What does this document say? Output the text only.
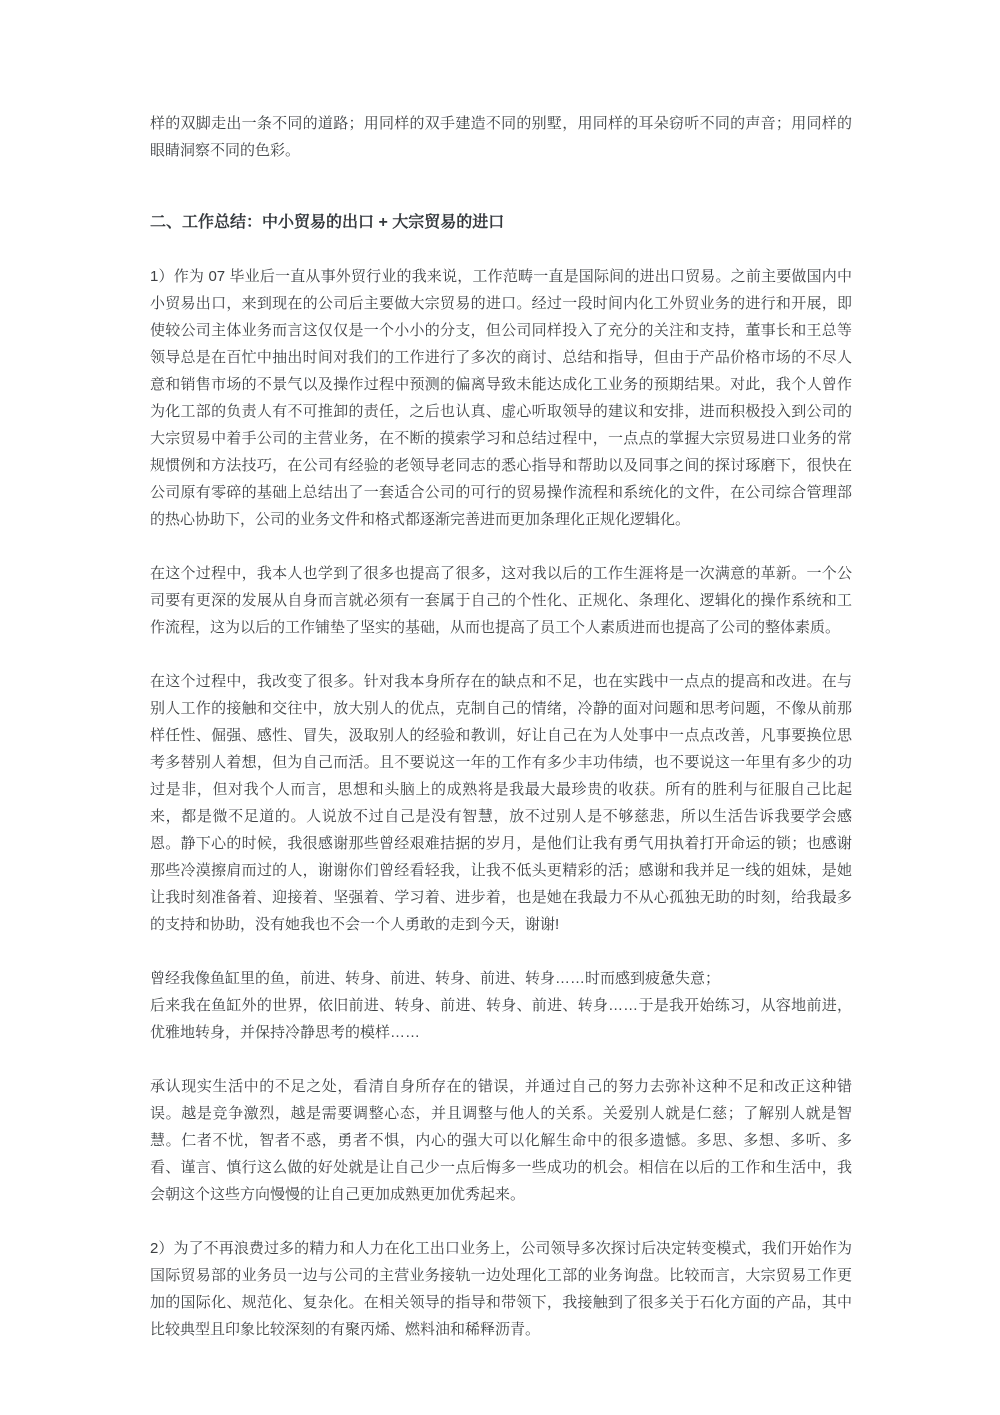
样的双脚走出一条不同的道路；用同样的双手建造不同的别墅，用同样的耳朵窃听不同的声音；用同样的眼睛洞察不同的色彩。

二、工作总结：中小贸易的出口 + 大宗贸易的进口

1）作为 07 毕业后一直从事外贸行业的我来说，工作范畴一直是国际间的进出口贸易。之前主要做国内中小贸易出口，来到现在的公司后主要做大宗贸易的进口。经过一段时间内化工外贸业务的进行和开展，即使较公司主体业务而言这仅仅是一个小小的分支，但公司同样投入了充分的关注和支持，董事长和王总等领导总是在百忙中抽出时间对我们的工作进行了多次的商讨、总结和指导，但由于产品价格市场的不尽人意和销售市场的不景气以及操作过程中预测的偏离导致未能达成化工业务的预期结果。对此，我个人曾作为化工部的负责人有不可推卸的责任，之后也认真、虚心听取领导的建议和安排，进而积极投入到公司的大宗贸易中着手公司的主营业务，在不断的摸索学习和总结过程中，一点点的掌握大宗贸易进口业务的常规惯例和方法技巧，在公司有经验的老领导老同志的悉心指导和帮助以及同事之间的探讨琢磨下，很快在公司原有零碎的基础上总结出了一套适合公司的可行的贸易操作流程和系统化的文件，在公司综合管理部的热心协助下，公司的业务文件和格式都逐渐完善进而更加条理化正规化逻辑化。

在这个过程中，我本人也学到了很多也提高了很多，这对我以后的工作生涯将是一次满意的革新。一个公司要有更深的发展从自身而言就必须有一套属于自己的个性化、正规化、条理化、逻辑化的操作系统和工作流程，这为以后的工作铺垫了坚实的基础，从而也提高了员工个人素质进而也提高了公司的整体素质。

在这个过程中，我改变了很多。针对我本身所存在的缺点和不足，也在实践中一点点的提高和改进。在与别人工作的接触和交往中，放大别人的优点，克制自己的情绪，冷静的面对问题和思考问题，不像从前那样任性、倔强、感性、冒失，汲取别人的经验和教训，好让自己在为人处事中一点点改善，凡事要换位思考多替别人着想，但为自己而活。且不要说这一年的工作有多少丰功伟绩，也不要说这一年里有多少的功过是非，但对我个人而言，思想和头脑上的成熟将是我最大最珍贵的收获。所有的胜利与征服自己比起来，都是微不足道的。人说放不过自己是没有智慧，放不过别人是不够慈悲，所以生活告诉我要学会感恩。静下心的时候，我很感谢那些曾经艰难拮据的岁月，是他们让我有勇气用执着打开命运的锁；也感谢那些冷漠擦肩而过的人，谢谢你们曾经看轻我，让我不低头更精彩的活；感谢和我并足一线的姐妹，是她让我时刻准备着、迎接着、坚强着、学习着、进步着，也是她在我最力不从心孤独无助的时刻，给我最多的支持和协助，没有她我也不会一个人勇敢的走到今天，谢谢!

曾经我像鱼缸里的鱼，前进、转身、前进、转身、前进、转身……时而感到疲惫失意；
后来我在鱼缸外的世界，依旧前进、转身、前进、转身、前进、转身……于是我开始练习，从容地前进，优雅地转身，并保持冷静思考的模样……

承认现实生活中的不足之处，看清自身所存在的错误，并通过自己的努力去弥补这种不足和改正这种错误。越是竞争激烈，越是需要调整心态，并且调整与他人的关系。关爱别人就是仁慈；了解别人就是智慧。仁者不忧，智者不惑，勇者不惧，内心的强大可以化解生命中的很多遗憾。多思、多想、多听、多看、谨言、慎行这么做的好处就是让自己少一点后悔多一些成功的机会。相信在以后的工作和生活中，我会朝这个这些方向慢慢的让自己更加成熟更加优秀起来。

2）为了不再浪费过多的精力和人力在化工出口业务上，公司领导多次探讨后决定转变模式，我们开始作为国际贸易部的业务员一边与公司的主营业务接轨一边处理化工部的业务询盘。比较而言，大宗贸易工作更加的国际化、规范化、复杂化。在相关领导的指导和带领下，我接触到了很多关于石化方面的产品，其中比较典型且印象比较深刻的有聚丙烯、燃料油和稀释沥青。
